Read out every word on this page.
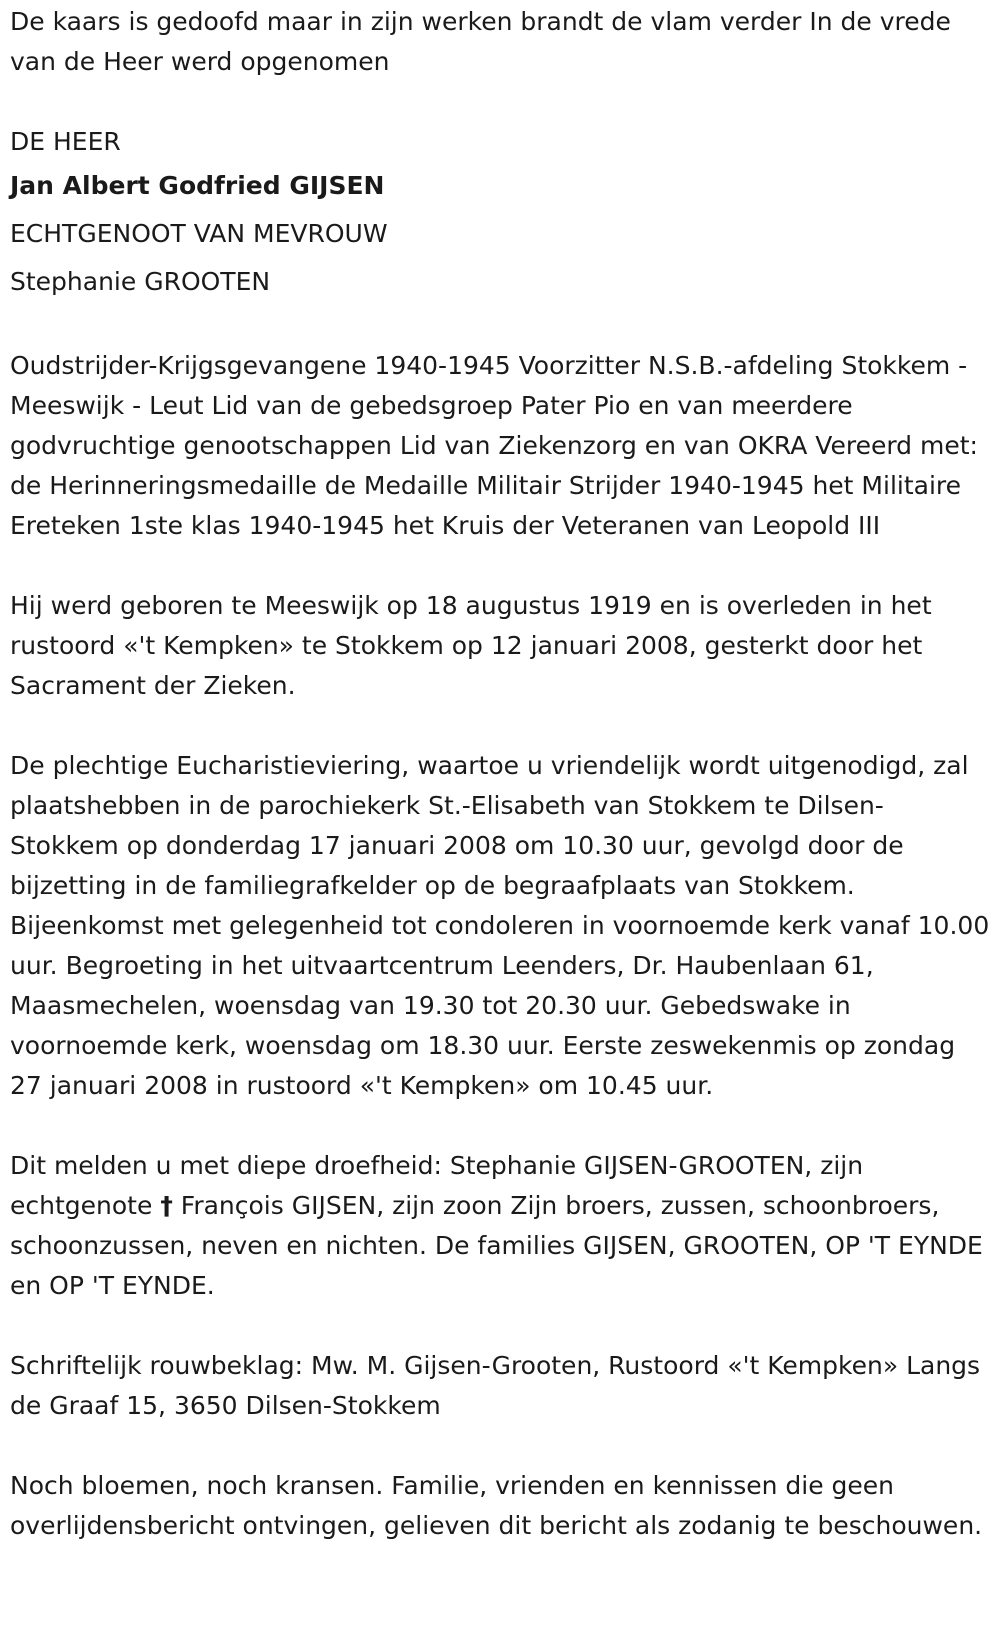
De kaars is gedoofd maar in zijn werken brandt de vlam verder In de vrede van de Heer werd opgenomen

DE HEER
Jan Albert Godfried GIJSEN
ECHTGENOOT VAN MEVROUW
Stephanie GROOTEN

Oudstrijder-Krijgsgevangene 1940-1945 Voorzitter N.S.B.-afdeling Stokkem - Meeswijk - Leut Lid van de gebedsgroep Pater Pio en van meerdere godvruchtige genootschappen Lid van Ziekenzorg en van OKRA Vereerd met: de Herinneringsmedaille de Medaille Militair Strijder 1940-1945 het Militaire Ereteken 1ste klas 1940-1945 het Kruis der Veteranen van Leopold III

Hij werd geboren te Meeswijk op 18 augustus 1919 en is overleden in het rustoord «'t Kempken» te Stokkem op 12 januari 2008, gesterkt door het Sacrament der Zieken.

De plechtige Eucharistieviering, waartoe u vriendelijk wordt uitgenodigd, zal plaatshebben in de parochiekerk St.-Elisabeth van Stokkem te Dilsen-Stokkem op donderdag 17 januari 2008 om 10.30 uur, gevolgd door de bijzetting in de familiegrafkelder op de begraafplaats van Stokkem. Bijeenkomst met gelegenheid tot condoleren in voornoemde kerk vanaf 10.00 uur. Begroeting in het uitvaartcentrum Leenders, Dr. Haubenlaan 61, Maasmechelen, woensdag van 19.30 tot 20.30 uur. Gebedswake in voornoemde kerk, woensdag om 18.30 uur. Eerste zeswekenmis op zondag 27 januari 2008 in rustoord «'t Kempken» om 10.45 uur.

Dit melden u met diepe droefheid: Stephanie GIJSEN-GROOTEN, zijn echtgenote † François GIJSEN, zijn zoon Zijn broers, zussen, schoonbroers, schoonzussen, neven en nichten. De families GIJSEN, GROOTEN, OP 'T EYNDE en OP 'T EYNDE.

Schriftelijk rouwbeklag: Mw. M. Gijsen-Grooten, Rustoord «'t Kempken» Langs de Graaf 15, 3650 Dilsen-Stokkem

Noch bloemen, noch kransen. Familie, vrienden en kennissen die geen overlijdensbericht ontvingen, gelieven dit bericht als zodanig te beschouwen.
